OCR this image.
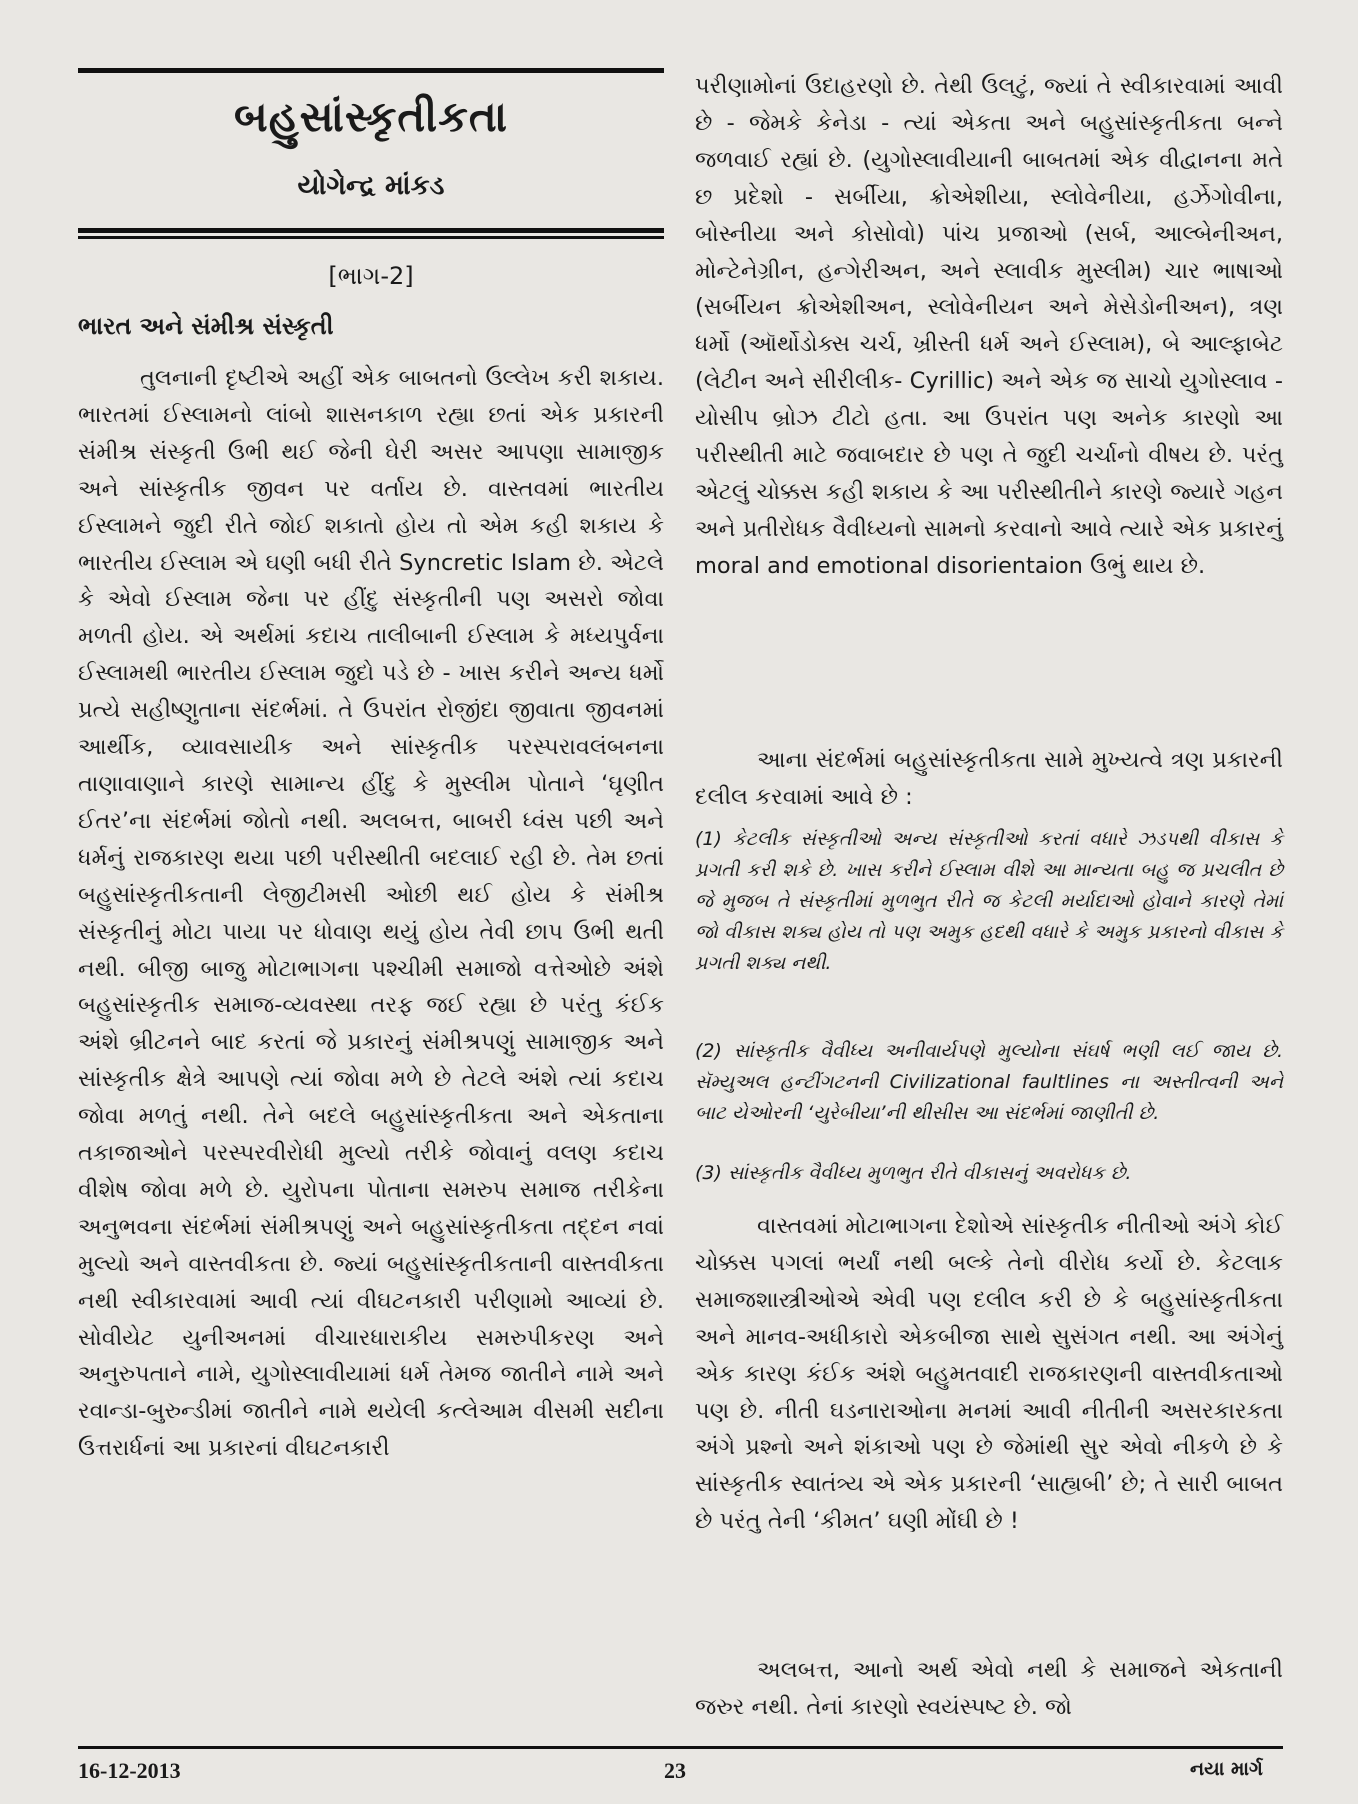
બહુસાંસ્કૃતીકતા
યોગેન્દ્ર માંકડ
[ભાગ-2]
ભારત અને સંમીશ્ર સંસ્કૃતી
તુલનાની દૃષ્ટીએ અહીં એક બાબતનો ઉલ્લેખ કરી શકાય. ભારતમાં ઈસ્લામનો લાંબો શાસનકાળ રહ્યા છતાં એક પ્રકારની સંમીશ્ર સંસ્કૃતી ઉભી થઈ જેની ઘેરી અસર આપણા સામાજીક અને સાંસ્કૃતીક જીવન પર વર્તાય છે. વાસ્તવમાં ભારતીય ઈસ્લામને જુદી રીતે જોઈ શકાતો હોય તો એમ કહી શકાય કે ભારતીય ઈસ્લામ એ ઘણી બધી રીતે Syncretic Islam છે. એટલે કે એવો ઈસ્લામ જેના પર હીંદુ સંસ્કૃતીની પણ અસરો જોવા મળતી હોય. એ અર્થમાં કદાચ તાલીબાની ઈસ્લામ કે મધ્યપુર્વના ઈસ્લામથી ભારતીય ઈસ્લામ જુદો પડે છે - ખાસ કરીને અન્ય ધર્મો પ્રત્યે સહીષ્ણુતાના સંદર્ભમાં. તે ઉપરાંત રોજીંદા જીવાતા જીવનમાં આર્થીક, વ્યાવસાયીક અને સાંસ્કૃતીક પરસ્પરાવલંબનના તાણાવાણાને કારણે સામાન્ય હીંદુ કે મુસ્લીમ પોતાને ‘ઘૃણીત ઈતર’ના સંદર્ભમાં જોતો નથી. અલબત્ત, બાબરી ધ્વંસ પછી અને ધર્મનું રાજકારણ થયા પછી પરીસ્થીતી બદલાઈ રહી છે. તેમ છતાં બહુસાંસ્કૃતીકતાની લેજીટીમસી ઓછી થઈ હોય કે સંમીશ્ર સંસ્કૃતીનું મોટા પાયા પર ધોવાણ થયું હોય તેવી છાપ ઉભી થતી નથી. બીજી બાજુ મોટાભાગના પશ્ચીમી સમાજો વત્તેઓછે અંશે બહુસાંસ્કૃતીક સમાજ-વ્યવસ્થા તરફ જઈ રહ્યા છે પરંતુ કંઈક અંશે બ્રીટનને બાદ કરતાં જે પ્રકારનું સંમીશ્રપણું સામાજીક અને સાંસ્કૃતીક ક્ષેત્રે આપણે ત્યાં જોવા મળે છે તેટલે અંશે ત્યાં કદાચ જોવા મળતું નથી. તેને બદલે બહુસાંસ્કૃતીકતા અને એકતાના તકાજાઓને પરસ્પરવીરોધી મુલ્યો તરીકે જોવાનું વલણ કદાચ વીશેષ જોવા મળે છે. યુરોપના પોતાના સમરુપ સમાજ તરીકેના અનુભવના સંદર્ભમાં સંમીશ્રપણું અને બહુસાંસ્કૃતીકતા તદ્દન નવાં મુલ્યો અને વાસ્તવીકતા છે. જ્યાં બહુસાંસ્કૃતીકતાની વાસ્તવીકતા નથી સ્વીકારવામાં આવી ત્યાં વીઘટનકારી પરીણામો આવ્યાં છે. સોવીયેટ યુનીઅનમાં વીચારધારાકીય સમરુપીકરણ અને અનુરુપતાને નામે, યુગોસ્લાવીયામાં ધર્મ તેમજ જાતીને નામે અને રવાન્ડા-બુરુન્ડીમાં જાતીને નામે થયેલી કત્લેઆમ વીસમી સદીના ઉત્તરાર્ધનાં આ પ્રકારનાં વીઘટનકારી
પરીણામોનાં ઉદાહરણો છે. તેથી ઉલટું, જ્યાં તે સ્વીકારવામાં આવી છે - જેમકે કેનેડા - ત્યાં એકતા અને બહુસાંસ્કૃતીકતા બન્ને જળવાઈ રહ્યાં છે. (યુગોસ્લાવીયાની બાબતમાં એક વીદ્વાનના મતે છ પ્રદેશો - સર્બીયા, ક્રોએશીયા, સ્લોવેનીયા, હર્ઝેગોવીના, બોસ્નીયા અને કોસોવો) પાંચ પ્રજાઓ (સર્બ, આલ્બેનીઅન, મોન્ટેનેગ્રીન, હન્ગેરીઅન, અને સ્લાવીક મુસ્લીમ) ચાર ભાષાઓ (સર્બીયન ક્રોએશીઅન, સ્લોવેનીયન અને મેસેડોનીઅન), ત્રણ ધર્મો (ઑર્થોડોક્સ ચર્ચ, ખ્રીસ્તી ધર્મ અને ઈસ્લામ), બે આલ્ફાબેટ (લેટીન અને સીરીલીક- Cyrillic) અને એક જ સાચો યુગોસ્લાવ - યોસીપ બ્રોઝ ટીટો હતા. આ ઉપરાંત પણ અનેક કારણો આ પરીસ્થીતી માટે જવાબદાર છે પણ તે જુદી ચર્ચાનો વીષય છે. પરંતુ એટલું ચોક્કસ કહી શકાય કે આ પરીસ્થીતીને કારણે જ્યારે ગહન અને પ્રતીરોધક વૈવીધ્યનો સામનો કરવાનો આવે ત્યારે એક પ્રકારનું moral and emotional disorientaion ઉભું થાય છે.
આના સંદર્ભમાં બહુસાંસ્કૃતીકતા સામે મુખ્યત્વે ત્રણ પ્રકારની દલીલ કરવામાં આવે છે :
(1) કેટલીક સંસ્કૃતીઓ અન્ય સંસ્કૃતીઓ કરતાં વધારે ઝડપથી વીકાસ કે પ્રગતી કરી શકે છે. ખાસ કરીને ઈસ્લામ વીશે આ માન્યતા બહુ જ પ્રચલીત છે જે મુજબ તે સંસ્કૃતીમાં મુળભુત રીતે જ કેટલી મર્યાદાઓ હોવાને કારણે તેમાં જો વીકાસ શક્ય હોય તો પણ અમુક હદથી વધારે કે અમુક પ્રકારનો વીકાસ કે પ્રગતી શક્ય નથી.
(2) સાંસ્કૃતીક વૈવીધ્ય અનીવાર્યપણે મુલ્યોના સંઘર્ષ ભણી લઈ જાય છે. સૅમ્યુઅલ હન્ટીંગટનની Civilizational faultlines ના અસ્તીત્વની અને બાટ યેઓરની ‘યુરેબીયા’ની થીસીસ આ સંદર્ભમાં જાણીતી છે.
(3) સાંસ્કૃતીક વૈવીધ્ય મુળભુત રીતે વીકાસનું અવરોધક છે.
વાસ્તવમાં મોટાભાગના દેશોએ સાંસ્કૃતીક નીતીઓ અંગે કોઈ ચોક્કસ પગલાં ભર્યાં નથી બલ્કે તેનો વીરોધ કર્યો છે. કેટલાક સમાજશાસ્ત્રીઓએ એવી પણ દલીલ કરી છે કે બહુસાંસ્કૃતીકતા અને માનવ-અધીકારો એકબીજા સાથે સુસંગત નથી. આ અંગેનું એક કારણ કંઈક અંશે બહુમતવાદી રાજકારણની વાસ્તવીકતાઓ પણ છે. નીતી ઘડનારાઓના મનમાં આવી નીતીની અસરકારકતા અંગે પ્રશ્નો અને શંકાઓ પણ છે જેમાંથી સુર એવો નીકળે છે કે સાંસ્કૃતીક સ્વાતંત્ર્ય એ એક પ્રકારની ‘સાહ્યબી’ છે; તે સારી બાબત છે પરંતુ તેની ‘કીમત’ ઘણી મોંઘી છે !
અલબત્ત, આનો અર્થ એવો નથી કે સમાજને એકતાની જરુર નથી. તેનાં કારણો સ્વયંસ્પષ્ટ છે. જો
16-12-2013	23	નયા માર્ગ
